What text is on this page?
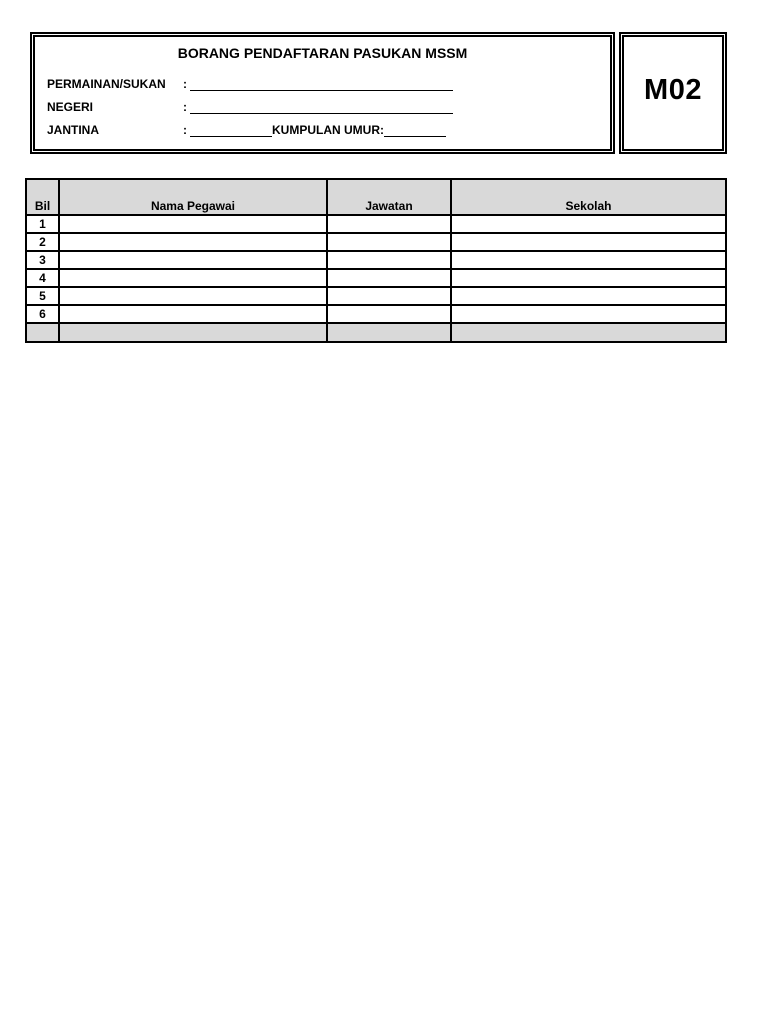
BORANG PENDAFTARAN PASUKAN MSSM
PERMAINAN/SUKAN	:
NEGERI	:
JANTINA	:	KUMPULAN UMUR:
M02
Bil	Nama Pegawai	Jawatan	Sekolah
1			
2			
3			
4			
5			
6			
